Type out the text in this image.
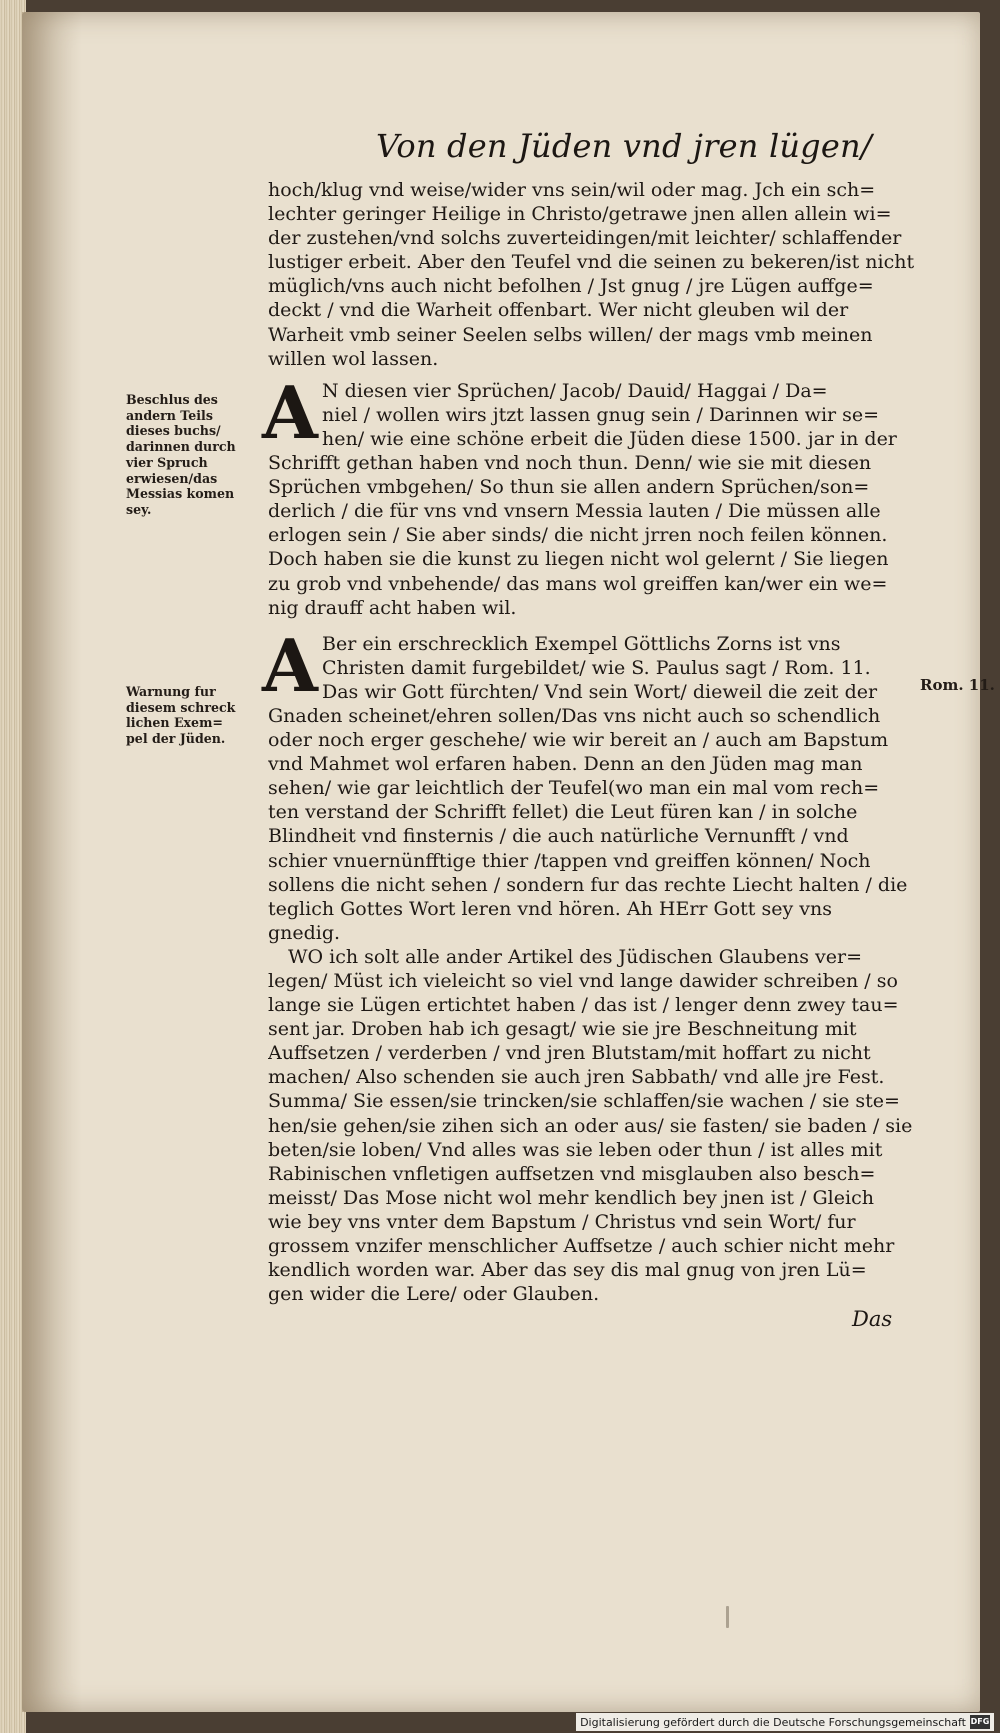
Von den Jüden vnd jren lügen/
Beschlus des
andern Teils
dieses buchs/
darinnen durch
vier Spruch
erwiesen/das
Messias komen
sey.
Warnung fur
diesem schreck
lichen Exem=
pel der Jüden.
Rom. 11.
hoch/klug vnd weise/wider vns sein/wil oder mag. Jch ein sch=
lechter geringer Heilige in Christo/getrawe jnen allen allein wi=
der zustehen/vnd solchs zuverteidingen/mit leichter/ schlaffender
lustiger erbeit. Aber den Teufel vnd die seinen zu bekeren/ist nicht
müglich/vns auch nicht befolhen / Jst gnug / jre Lügen auffge=
deckt / vnd die Warheit offenbart. Wer nicht gleuben wil der
Warheit vmb seiner Seelen selbs willen/ der mags vmb meinen
willen wol lassen.
A N diesen vier Sprüchen/ Jacob/ Dauid/ Haggai / Da=
niel / wollen wirs jtzt lassen gnug sein / Darinnen wir se=
hen/ wie eine schöne erbeit die Jüden diese 1500. jar in der
Schrifft gethan haben vnd noch thun. Denn/ wie sie mit diesen
Sprüchen vmbgehen/ So thun sie allen andern Sprüchen/son=
derlich / die für vns vnd vnsern Messia lauten / Die müssen alle
erlogen sein / Sie aber sinds/ die nicht jrren noch feilen können.
Doch haben sie die kunst zu liegen nicht wol gelernt / Sie liegen
zu grob vnd vnbehende/ das mans wol greiffen kan/wer ein we=
nig drauff acht haben wil.
A Ber ein erschrecklich Exempel Göttlichs Zorns ist vns
Christen damit furgebildet/ wie S. Paulus sagt / Rom. 11.
Das wir Gott fürchten/ Vnd sein Wort/ dieweil die zeit der
Gnaden scheinet/ehren sollen/Das vns nicht auch so schendlich
oder noch erger geschehe/ wie wir bereit an / auch am Bapstum
vnd Mahmet wol erfaren haben. Denn an den Jüden mag man
sehen/ wie gar leichtlich der Teufel(wo man ein mal vom rech=
ten verstand der Schrifft fellet) die Leut füren kan / in solche
Blindheit vnd finsternis / die auch natürliche Vernunfft / vnd
schier vnuernünfftige thier /tappen vnd greiffen können/ Noch
sollens die nicht sehen / sondern fur das rechte Liecht halten / die
teglich Gottes Wort leren vnd hören. Ah HErr Gott sey vns
gnedig.
WO ich solt alle ander Artikel des Jüdischen Glaubens ver=
legen/ Müst ich vieleicht so viel vnd lange dawider schreiben / so
lange sie Lügen ertichtet haben / das ist / lenger denn zwey tau=
sent jar. Droben hab ich gesagt/ wie sie jre Beschneitung mit
Auffsetzen / verderben / vnd jren Blutstam/mit hoffart zu nicht
machen/ Also schenden sie auch jren Sabbath/ vnd alle jre Fest.
Summa/ Sie essen/sie trincken/sie schlaffen/sie wachen / sie ste=
hen/sie gehen/sie zihen sich an oder aus/ sie fasten/ sie baden / sie
beten/sie loben/ Vnd alles was sie leben oder thun / ist alles mit
Rabinischen vnfletigen auffsetzen vnd misglauben also besch=
meisst/ Das Mose nicht wol mehr kendlich bey jnen ist / Gleich
wie bey vns vnter dem Bapstum / Christus vnd sein Wort/ fur
grossem vnzifer menschlicher Auffsetze / auch schier nicht mehr
kendlich worden war. Aber das sey dis mal gnug von jren Lü=
gen wider die Lere/ oder Glauben.
Das
Digitalisierung gefördert durch die Deutsche Forschungsgemeinschaft DFG
